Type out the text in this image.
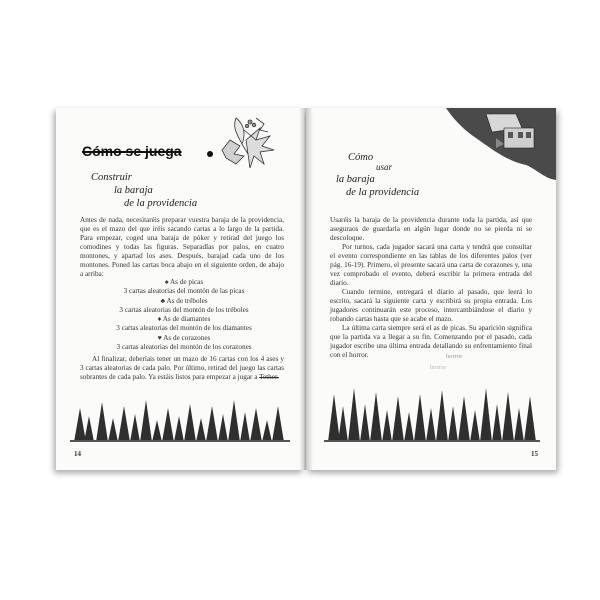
Cómo se juega
Construir
la baraja
de la providencia

Antes de nada, necesitaréis preparar vuestra baraja de la providencia, que es el mazo del que iréis sacando cartas a lo largo de la partida. Para empezar, coged una baraja de póker y retirad del juego los comodines y todas las figuras. Separadlas por palos, en cuatro montones, y apartad los ases. Después, barajad cada uno de los montones. Poned las cartas boca abajo en el siguiente orden, de abajo a arriba:

♠ As de picas
3 cartas aleatorias del montón de las picas
♣ As de tréboles
3 cartas aleatorias del montón de los tréboles
♦ As de diamantes
3 cartas aleatorias del montón de los diamantes
♥ As de corazones
3 cartas aleatorias del montón de los corazones

Al finalizar, deberíais tener un mazo de 16 cartas con los 4 ases y 3 cartas aleatorias de cada palo. Por último, retirad del juego las cartas sobrantes de cada palo. Ya estáis listos para empezar a jugar a Tether.

14
Cómo
usar
la baraja
de la providencia

Usaréis la baraja de la providencia durante toda la partida, así que aseguraos de guardarla en algún lugar donde no se pierda ni se descoloque.

Por turnos, cada jugador sacará una carta y tendrá que consultar el evento correspondiente en las tablas de los diferentes palos (ver pág. 16-19). Primero, el presente sacará una carta de corazones y, una vez comprobado el evento, deberá escribir la primera entrada del diario.

Cuando termine, entregará el diario al pasado, que leerá lo escrito, sacará la siguiente carta y escribirá su propia entrada. Los jugadores continuarán este proceso, intercambiándose el diario y robando cartas hasta que se acabe el mazo.

La última carta siempre será el as de picas. Su aparición significa que la partida va a llegar a su fin. Comenzando por el pasado, cada jugador escribe una última entrada detallando su enfrentamiento final con el horror.	horror
horror
15
